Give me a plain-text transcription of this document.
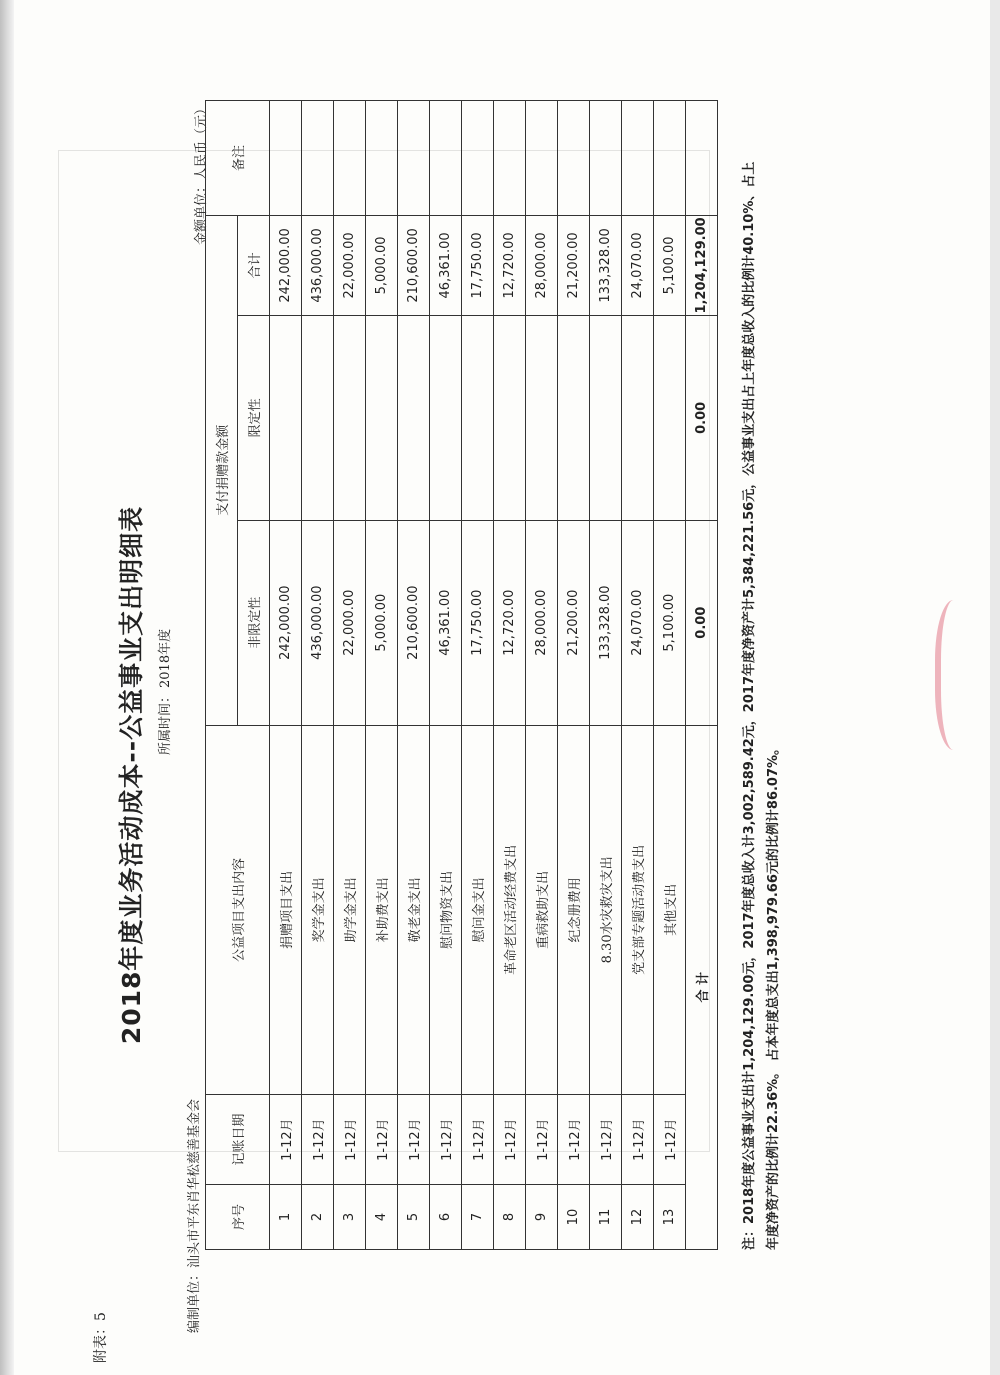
附表：5
2018年度业务活动成本--公益事业支出明细表 所属时间：2018年度
编制单位：汕头市平东肖华松慈善基金会
金额单位：人民币（元）
序号	记账日期	公益项目支出内容	支付捐赠款金额			备注
			非限定性	限定性	合计	
1	1-12月	捐赠项目支出	242,000.00		242,000.00	
2	1-12月	奖学金支出	436,000.00		436,000.00	
3	1-12月	助学金支出	22,000.00		22,000.00	
4	1-12月	补助费支出	5,000.00		5,000.00	
5	1-12月	敬老金支出	210,600.00		210,600.00	
6	1-12月	慰问物资支出	46,361.00		46,361.00	
7	1-12月	慰问金支出	17,750.00		17,750.00	
8	1-12月	革命老区活动经费支出	12,720.00		12,720.00	
9	1-12月	重病救助支出	28,000.00		28,000.00	
10	1-12月	纪念册费用	21,200.00		21,200.00	
11	1-12月	8.30水灾救灾支出	133,328.00		133,328.00	
12	1-12月	党支部专题活动费支出	24,070.00		24,070.00	
13	1-12月	其他支出	5,100.00		5,100.00	
合 计			0.00	0.00	1,204,129.00		注：2018年度公益事业支出计1,204,129.00元，2017年度总收入计3,002,589.42元，2017年度净资产计5,384,221.56元，公益事业支出占上年度总收入的比例计40.10%、占上 年度净资产的比例计22.36%。 占本年度总支出1,398,979.66元的比例计86.07%。
